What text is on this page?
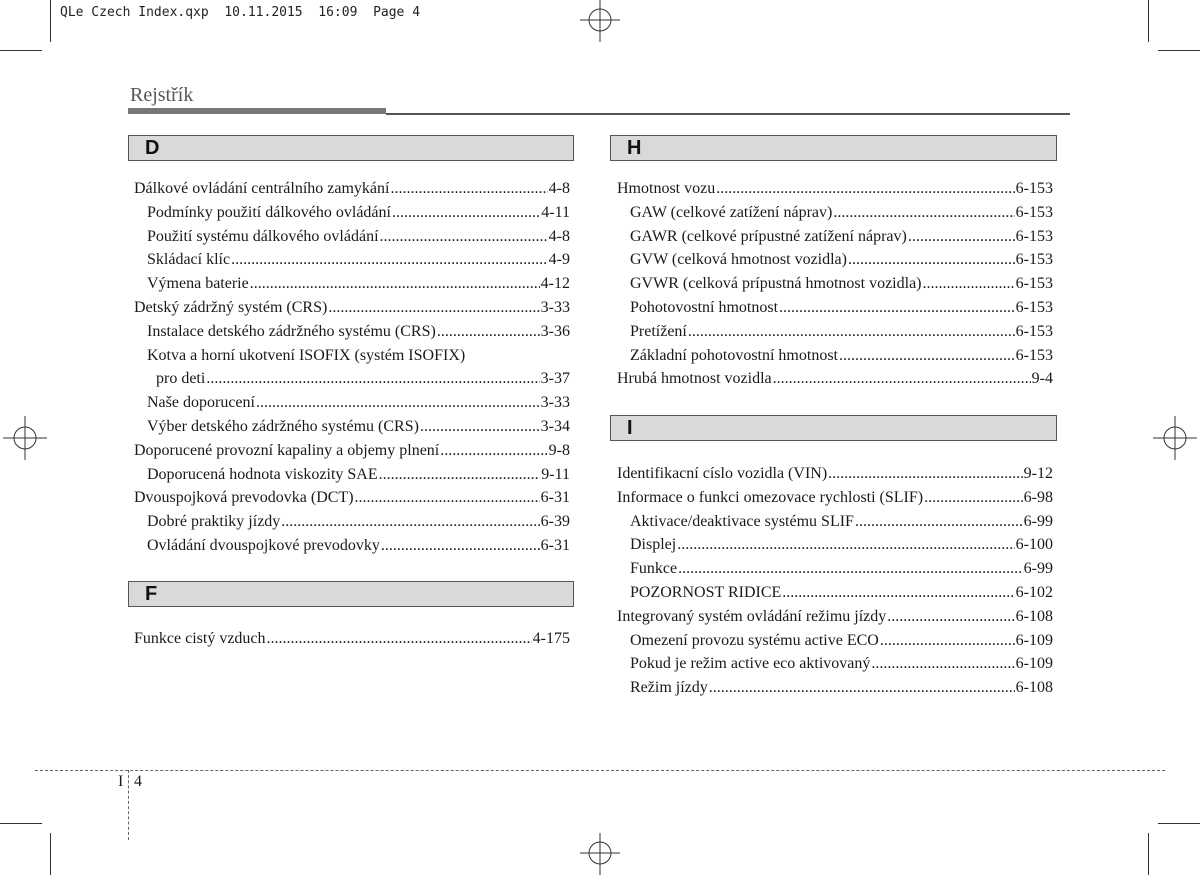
QLe Czech Index.qxp  10.11.2015  16:09  Page 4
Rejstřík
D
Dálkové ovládání centrálního zamykání .....	4-8
Podmínky použití dálkového ovládání .....	4-11
Použití systému dálkového ovládání .....	4-8
Skládací klíc .....	4-9
Výmena baterie .....	4-12
Detský zádržný systém (CRS) .....	3-33
Instalace detského zádržného systému (CRS) .....	3-36
Kotva a horní ukotvení ISOFIX (systém ISOFIX)
pro deti .....	3-37
Naše doporucení .....	3-33
Výber detského zádržného systému (CRS) .....	3-34
Doporucené provozní kapaliny a objemy plnení .....	9-8
Doporucená hodnota viskozity SAE .....	9-11
Dvouspojková prevodovka (DCT) .....	6-31
Dobré praktiky jízdy .....	6-39
Ovládání dvouspojkové prevodovky .....	6-31
F
Funkce cistý vzduch .....	4-175
H
Hmotnost vozu .....	6-153
GAW (celkové zatížení náprav) .....	6-153
GAWR (celkové prípustné zatížení náprav) .....	6-153
GVW (celková hmotnost vozidla) .....	6-153
GVWR (celková prípustná hmotnost vozidla) .....	6-153
Pohotovostní hmotnost .....	6-153
Pretížení .....	6-153
Základní pohotovostní hmotnost .....	6-153
Hrubá hmotnost vozidla .....	9-4
I
Identifikacní císlo vozidla (VIN) .....	9-12
Informace o funkci omezovace rychlosti (SLIF) .....	6-98
Aktivace/deaktivace systému SLIF .....	6-99
Displej .....	6-100
Funkce .....	6-99
POZORNOST RIDICE .....	6-102
Integrovaný systém ovládání režimu jízdy .....	6-108
Omezení provozu systému active ECO .....	6-109
Pokud je režim active eco aktivovaný .....	6-109
Režim jízdy .....	6-108
I 4
